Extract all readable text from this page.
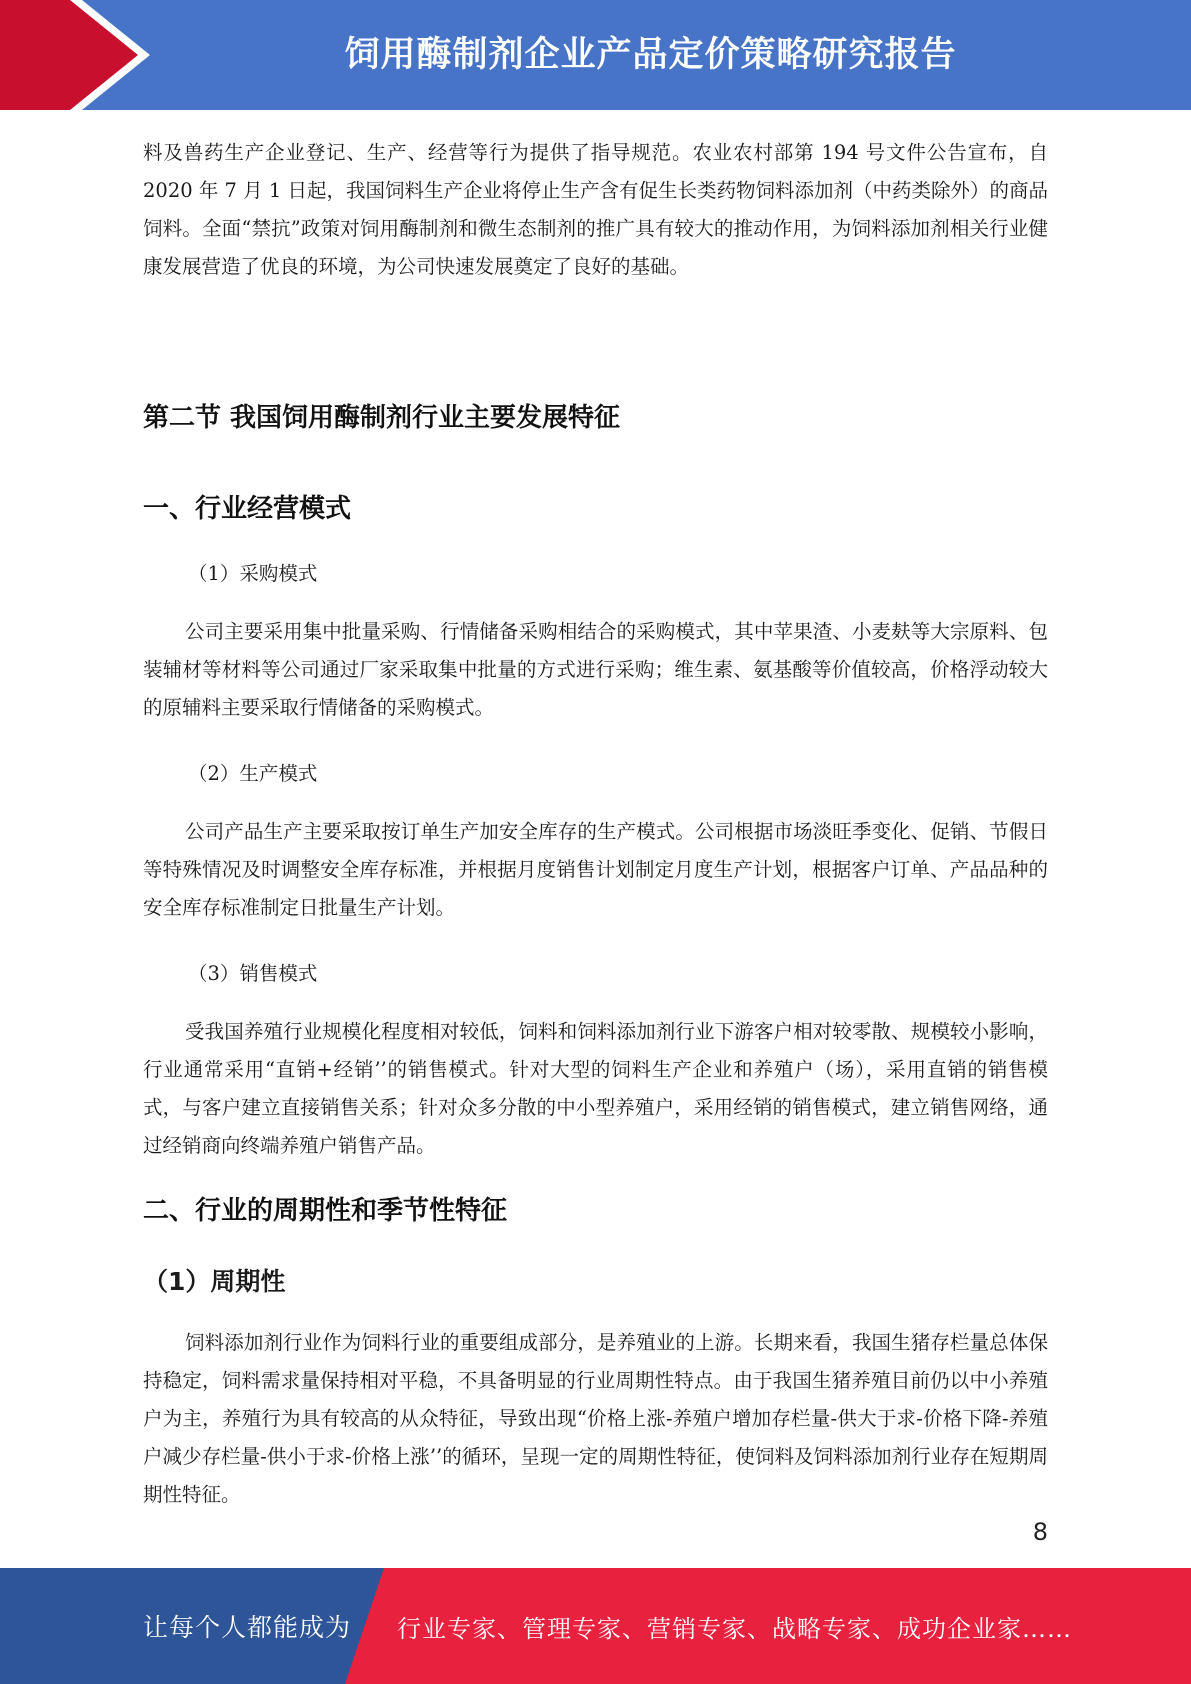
饲用酶制剂企业产品定价策略研究报告

料及兽药生产企业登记、生产、经营等行为提供了指导规范。农业农村部第 194 号文件公告宣布，自 2020 年 7 月 1 日起，我国饲料生产企业将停止生产含有促生长类药物饲料添加剂（中药类除外）的商品饲料。全面“禁抗”政策对饲用酶制剂和微生态制剂的推广具有较大的推动作用，为饲料添加剂相关行业健康发展营造了优良的环境，为公司快速发展奠定了良好的基础。

第二节 我国饲用酶制剂行业主要发展特征
一、行业经营模式

（1）采购模式

公司主要采用集中批量采购、行情储备采购相结合的采购模式，其中苹果渣、小麦麸等大宗原料、包装辅材等材料等公司通过厂家采取集中批量的方式进行采购；维生素、氨基酸等价值较高，价格浮动较大的原辅料主要采取行情储备的采购模式。

（2）生产模式

公司产品生产主要采取按订单生产加安全库存的生产模式。公司根据市场淡旺季变化、促销、节假日等特殊情况及时调整安全库存标准，并根据月度销售计划制定月度生产计划，根据客户订单、产品品种的安全库存标准制定日批量生产计划。

（3）销售模式

受我国养殖行业规模化程度相对较低，饲料和饲料添加剂行业下游客户相对较零散、规模较小影响，行业通常采用“直销+经销’’的销售模式。针对大型的饲料生产企业和养殖户（场），采用直销的销售模式，与客户建立直接销售关系；针对众多分散的中小型养殖户，采用经销的销售模式，建立销售网络，通过经销商向终端养殖户销售产品。

二、行业的周期性和季节性特征
（1）周期性

饲料添加剂行业作为饲料行业的重要组成部分，是养殖业的上游。长期来看，我国生猪存栏量总体保持稳定，饲料需求量保持相对平稳，不具备明显的行业周期性特点。由于我国生猪养殖目前仍以中小养殖户为主，养殖行为具有较高的从众特征，导致出现“价格上涨-养殖户增加存栏量-供大于求-价格下降-养殖户减少存栏量-供小于求-价格上涨’’的循环，呈现一定的周期性特征，使饲料及饲料添加剂行业存在短期周期性特征。

8
让每个人都能成为 行业专家、管理专家、营销专家、战略专家、成功企业家……
